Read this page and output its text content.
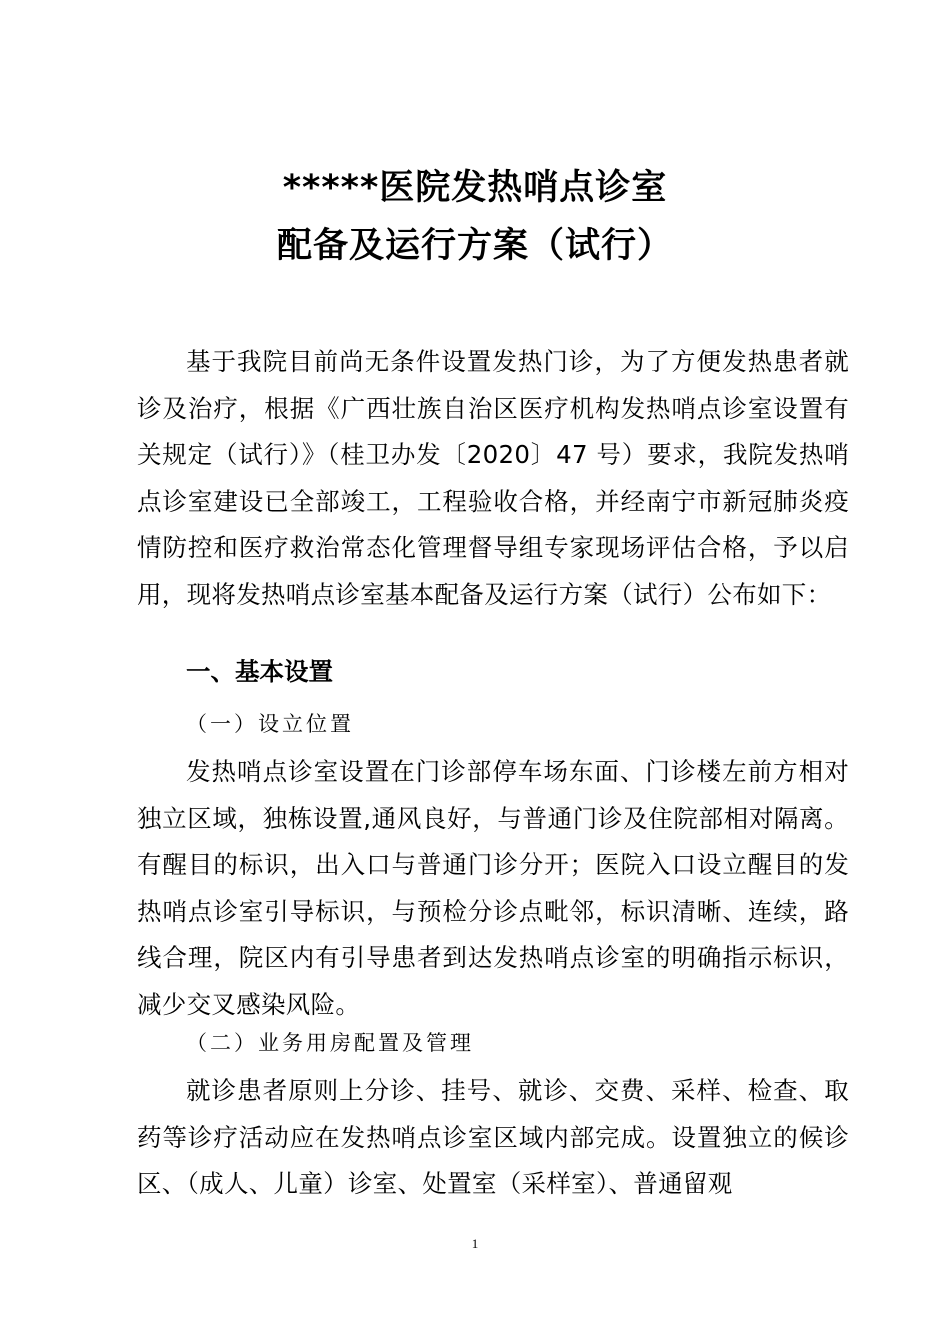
*****医院发热哨点诊室
配备及运行方案（试行）
基于我院目前尚无条件设置发热门诊，为了方便发热患者就诊及治疗，根据《广西壮族自治区医疗机构发热哨点诊室设置有关规定（试行）》（桂卫办发〔2020〕47 号）要求，我院发热哨点诊室建设已全部竣工，工程验收合格，并经南宁市新冠肺炎疫情防控和医疗救治常态化管理督导组专家现场评估合格，予以启用，现将发热哨点诊室基本配备及运行方案（试行）公布如下：
一、基本设置
（一）设立位置
发热哨点诊室设置在门诊部停车场东面、门诊楼左前方相对独立区域，独栋设置,通风良好，与普通门诊及住院部相对隔离。有醒目的标识，出入口与普通门诊分开；医院入口设立醒目的发热哨点诊室引导标识，与预检分诊点毗邻，标识清晰、连续，路线合理，院区内有引导患者到达发热哨点诊室的明确指示标识，减少交叉感染风险。
（二）业务用房配置及管理
就诊患者原则上分诊、挂号、就诊、交费、采样、检查、取药等诊疗活动应在发热哨点诊室区域内部完成。设置独立的候诊区、（成人、儿童）诊室、处置室（采样室）、普通留观
1
